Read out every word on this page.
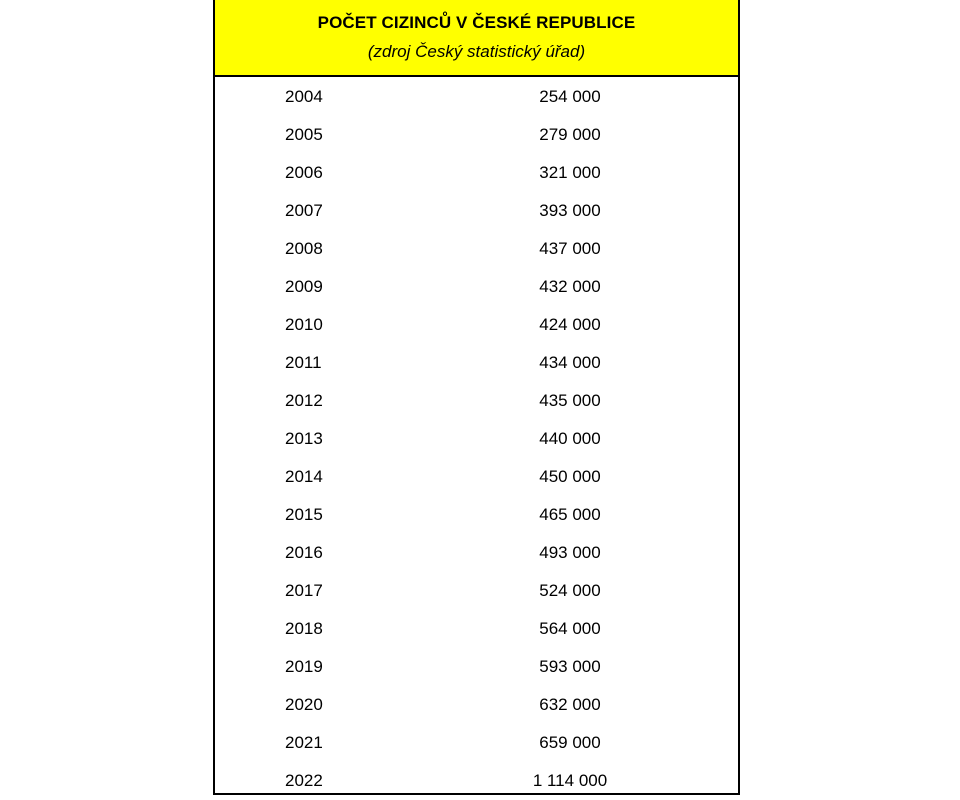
POČET CIZINCŮ V ČESKÉ REPUBLICE
(zdroj Český statistický úřad)
2004	254 000
2005	279 000
2006	321 000
2007	393 000
2008	437 000
2009	432 000
2010	424 000
2011	434 000
2012	435 000
2013	440 000
2014	450 000
2015	465 000
2016	493 000
2017	524 000
2018	564 000
2019	593 000
2020	632 000
2021	659 000
2022	1 114 000
